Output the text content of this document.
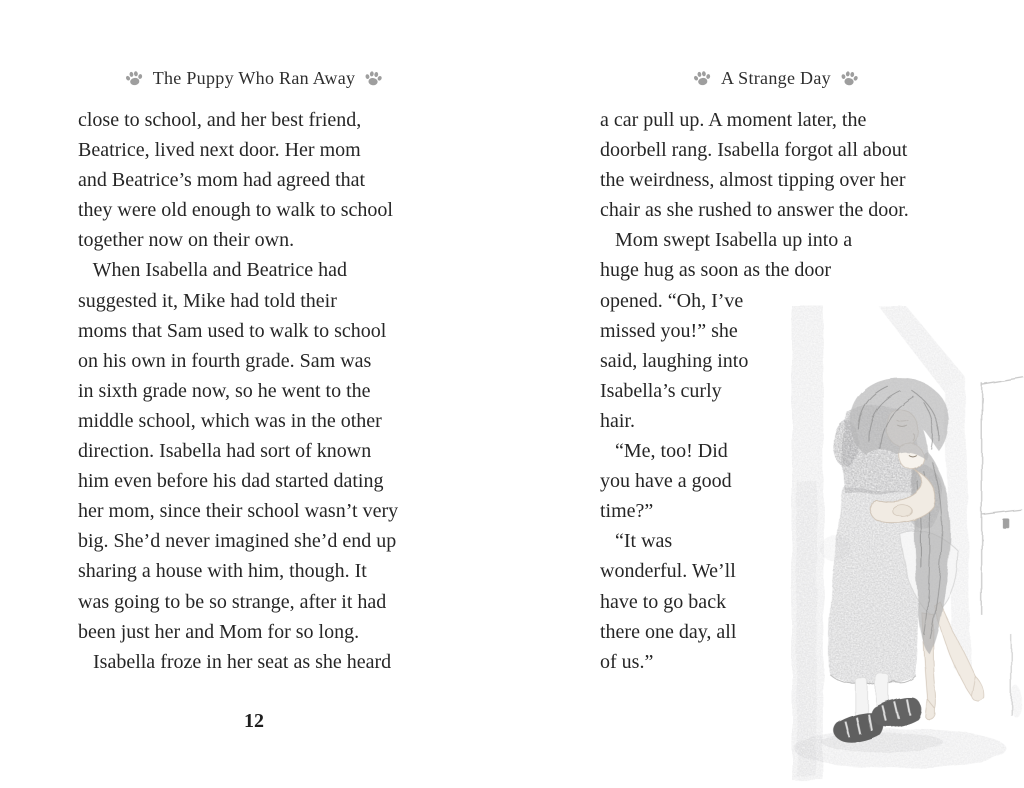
The Puppy Who Ran Away	A Strange Day
close to school, and her best friend,
Beatrice, lived next door. Her mom
and Beatrice’s mom had agreed that
they were old enough to walk to school
together now on their own.
When Isabella and Beatrice had
suggested it, Mike had told their
moms that Sam used to walk to school
on his own in fourth grade. Sam was
in sixth grade now, so he went to the
middle school, which was in the other
direction. Isabella had sort of known
him even before his dad started dating
her mom, since their school wasn’t very
big. She’d never imagined she’d end up
sharing a house with him, though. It
was going to be so strange, after it had
been just her and Mom for so long.
Isabella froze in her seat as she heard
a car pull up. A moment later, the
doorbell rang. Isabella forgot all about
the weirdness, almost tipping over her
chair as she rushed to answer the door.
Mom swept Isabella up into a
huge hug as soon as the door
opened. “Oh, I’ve
missed you!” she
said, laughing into
Isabella’s curly
hair.
“Me, too! Did
you have a good
time?”
“It was
wonderful. We’ll
have to go back
there one day, all
of us.”
12
